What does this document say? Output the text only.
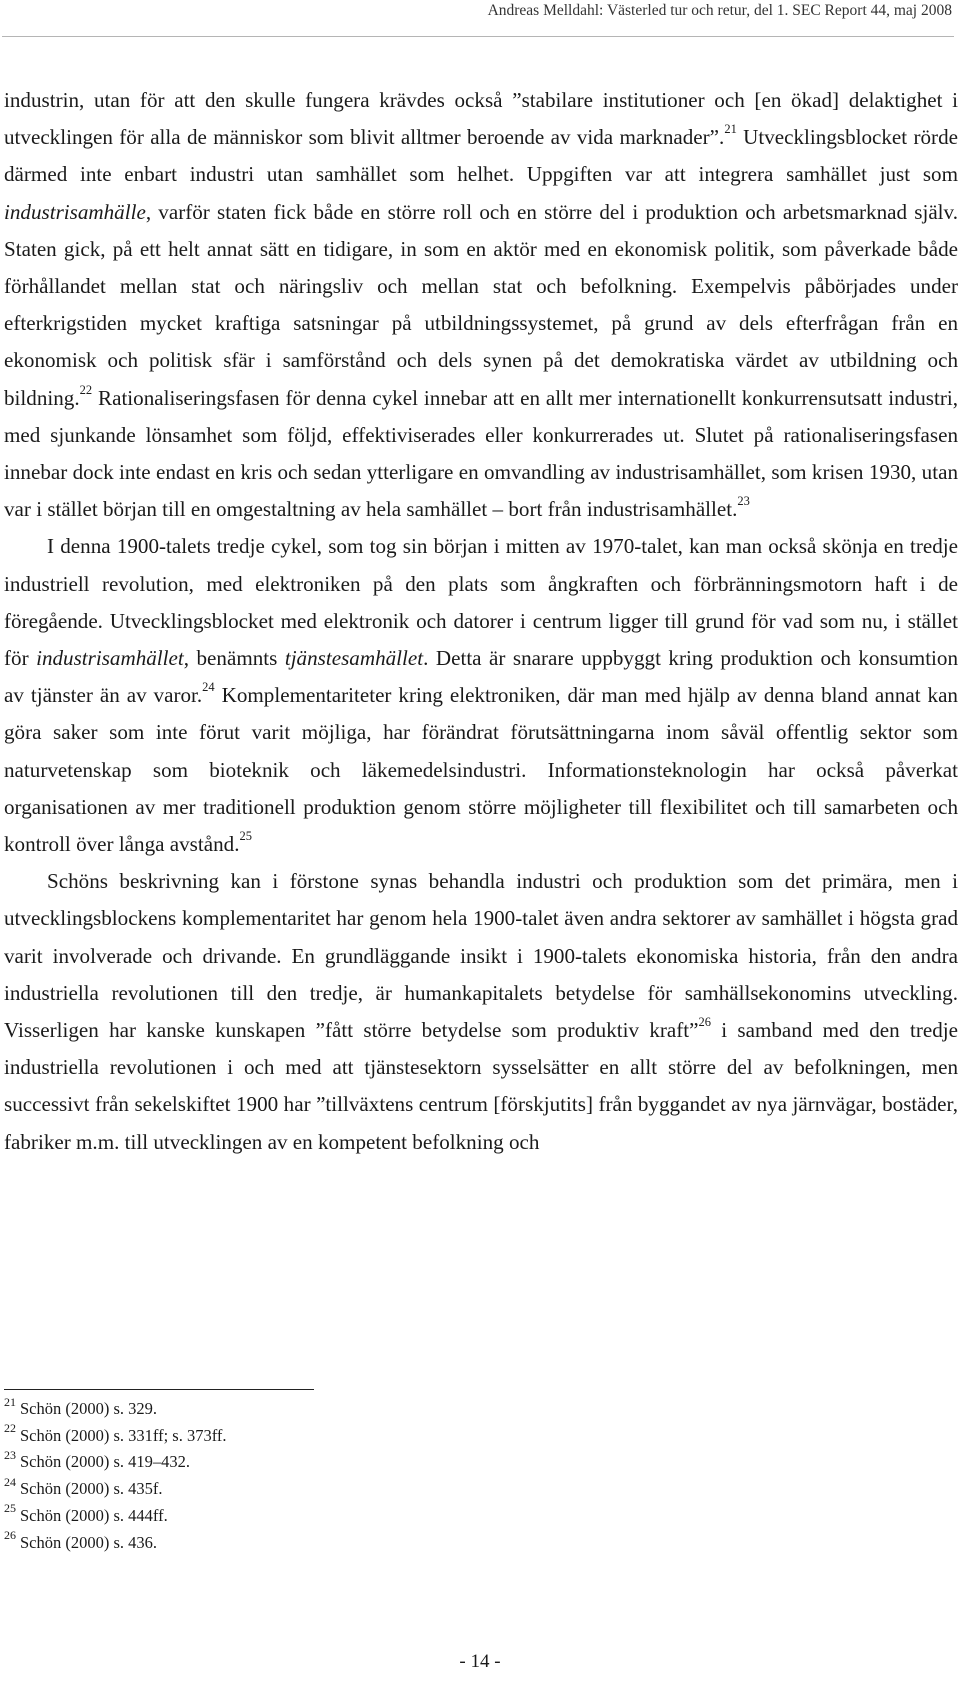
Andreas Melldahl: Västerled tur och retur, del 1. SEC Report 44, maj 2008

industrin, utan för att den skulle fungera krävdes också ”stabilare institutioner och [en ökad] delaktighet i utvecklingen för alla de människor som blivit alltmer beroende av vida marknader”.$^{21}$ Utvecklingsblocket rörde därmed inte enbart industri utan samhället som helhet. Uppgiften var att integrera samhället just som industrisamhälle, varför staten fick både en större roll och en större del i produktion och arbetsmarknad själv. Staten gick, på ett helt annat sätt en tidigare, in som en aktör med en ekonomisk politik, som påverkade både förhållandet mellan stat och näringsliv och mellan stat och befolkning. Exempelvis påbörjades under efterkrigstiden mycket kraftiga satsningar på utbildningssystemet, på grund av dels efterfrågan från en ekonomisk och politisk sfär i samförstånd och dels synen på det demokratiska värdet av utbildning och bildning.$^{22}$ Rationaliseringsfasen för denna cykel innebar att en allt mer internationellt konkurrensutsatt industri, med sjunkande lönsamhet som följd, effektiviserades eller konkurrerades ut. Slutet på rationaliseringsfasen innebar dock inte endast en kris och sedan ytterligare en omvandling av industrisamhället, som krisen 1930, utan var i stället början till en omgestaltning av hela samhället – bort från industrisamhället.$^{23}$

I denna 1900-talets tredje cykel, som tog sin början i mitten av 1970-talet, kan man också skönja en tredje industriell revolution, med elektroniken på den plats som ångkraften och förbränningsmotorn haft i de föregående. Utvecklingsblocket med elektronik och datorer i centrum ligger till grund för vad som nu, i stället för industrisamhället, benämnts tjänstesamhället. Detta är snarare uppbyggt kring produktion och konsumtion av tjänster än av varor.$^{24}$ Komplementariteter kring elektroniken, där man med hjälp av denna bland annat kan göra saker som inte förut varit möjliga, har förändrat förutsättningarna inom såväl offentlig sektor som naturvetenskap som bioteknik och läkemedelsindustri. Informationsteknologin har också påverkat organisationen av mer traditionell produktion genom större möjligheter till flexibilitet och till samarbeten och kontroll över långa avstånd.$^{25}$

Schöns beskrivning kan i förstone synas behandla industri och produktion som det primära, men i utvecklingsblockens komplementaritet har genom hela 1900-talet även andra sektorer av samhället i högsta grad varit involverade och drivande. En grundläggande insikt i 1900-talets ekonomiska historia, från den andra industriella revolutionen till den tredje, är humankapitalets betydelse för samhällsekonomins utveckling. Visserligen har kanske kunskapen ”fått större betydelse som produktiv kraft”$^{26}$ i samband med den tredje industriella revolutionen i och med att tjänstesektorn sysselsätter en allt större del av befolkningen, men successivt från sekelskiftet 1900 har ”tillväxtens centrum [förskjutits] från byggandet av nya järnvägar, bostäder, fabriker m.m. till utvecklingen av en kompetent befolkning och

$^{21}$ Schön (2000) s. 329.
$^{22}$ Schön (2000) s. 331ff; s. 373ff.
$^{23}$ Schön (2000) s. 419–432.
$^{24}$ Schön (2000) s. 435f.
$^{25}$ Schön (2000) s. 444ff.
$^{26}$ Schön (2000) s. 436.
- 14 -
